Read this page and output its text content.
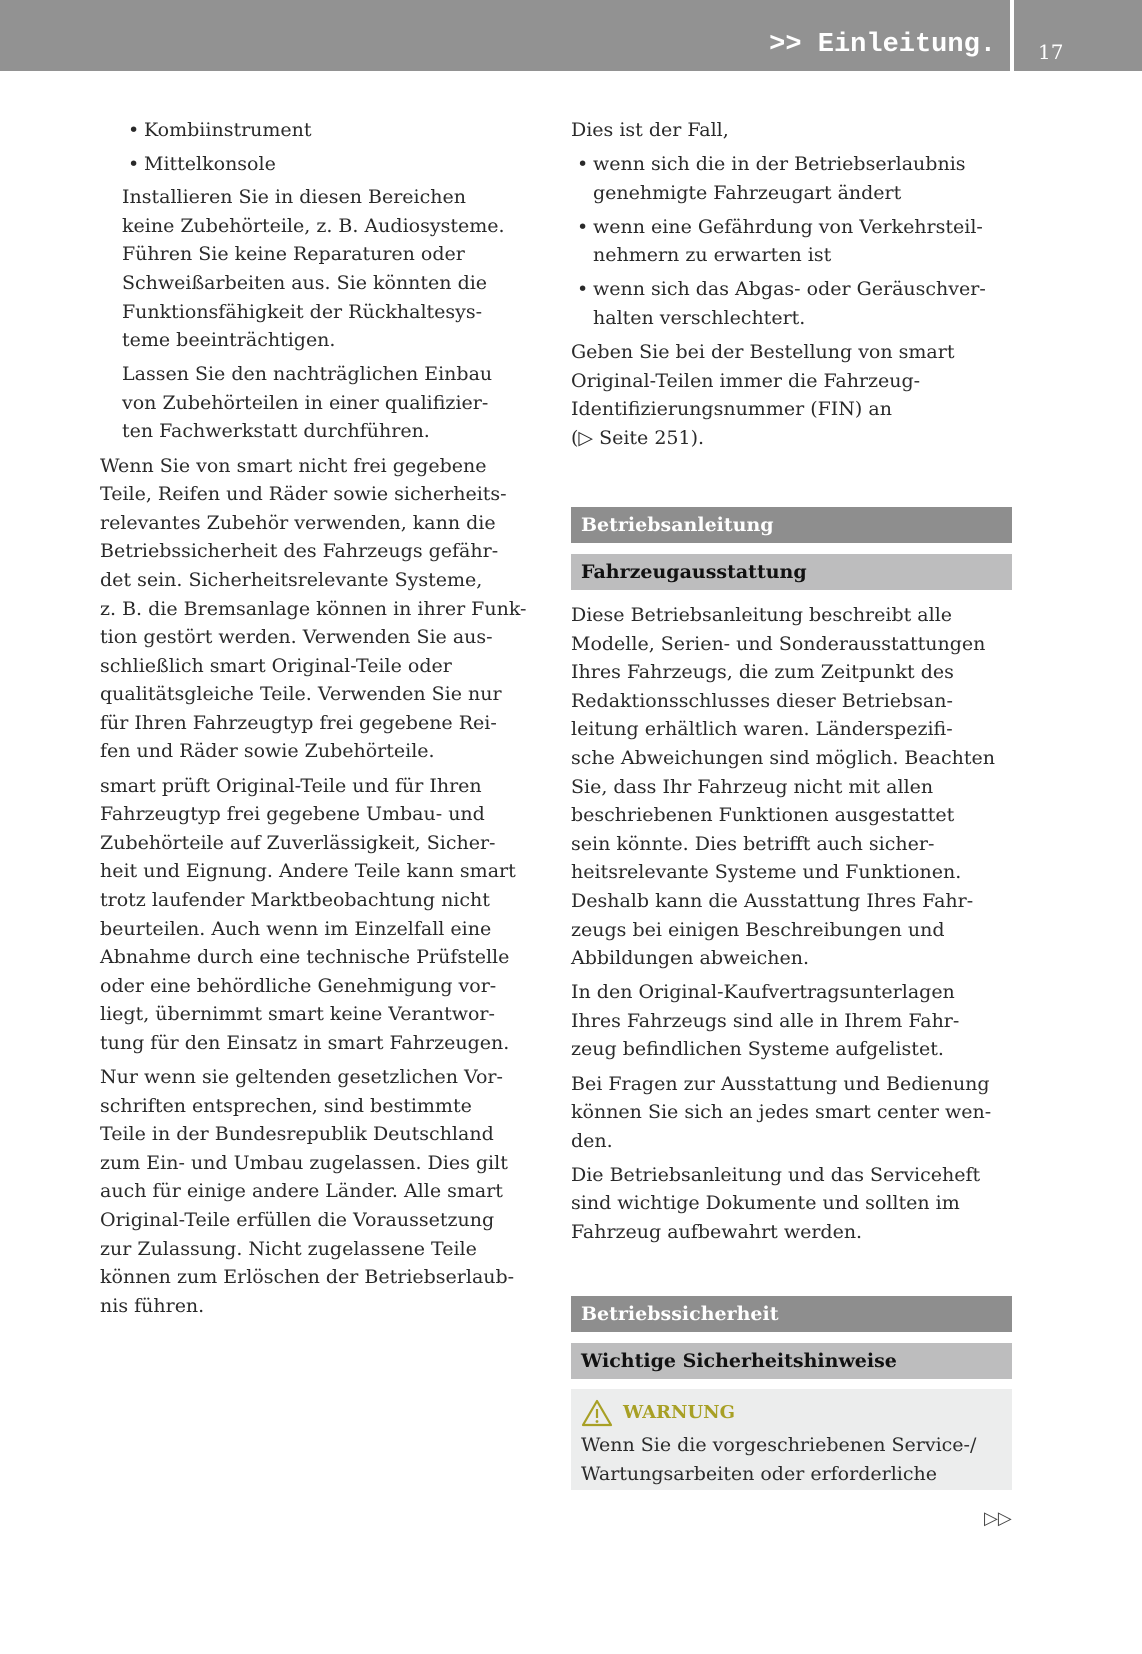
>> Einleitung. 17
• Kombiinstrument
• Mittelkonsole
Installieren Sie in diesen Bereichen
keine Zubehörteile, z. B. Audiosysteme.
Führen Sie keine Reparaturen oder
Schweißarbeiten aus. Sie könnten die
Funktionsfähigkeit der Rückhaltesys-
teme beeinträchtigen.
Lassen Sie den nachträglichen Einbau
von Zubehörteilen in einer qualifizier-
ten Fachwerkstatt durchführen.
Wenn Sie von smart nicht frei gegebene
Teile, Reifen und Räder sowie sicherheits-
relevantes Zubehör verwenden, kann die
Betriebssicherheit des Fahrzeugs gefähr-
det sein. Sicherheitsrelevante Systeme,
z. B. die Bremsanlage können in ihrer Funk-
tion gestört werden. Verwenden Sie aus-
schließlich smart Original-Teile oder
qualitätsgleiche Teile. Verwenden Sie nur
für Ihren Fahrzeugtyp frei gegebene Rei-
fen und Räder sowie Zubehörteile.
smart prüft Original-Teile und für Ihren
Fahrzeugtyp frei gegebene Umbau- und
Zubehörteile auf Zuverlässigkeit, Sicher-
heit und Eignung. Andere Teile kann smart
trotz laufender Marktbeobachtung nicht
beurteilen. Auch wenn im Einzelfall eine
Abnahme durch eine technische Prüfstelle
oder eine behördliche Genehmigung vor-
liegt, übernimmt smart keine Verantwor-
tung für den Einsatz in smart Fahrzeugen.
Nur wenn sie geltenden gesetzlichen Vor-
schriften entsprechen, sind bestimmte
Teile in der Bundesrepublik Deutschland
zum Ein- und Umbau zugelassen. Dies gilt
auch für einige andere Länder. Alle smart
Original-Teile erfüllen die Voraussetzung
zur Zulassung. Nicht zugelassene Teile
können zum Erlöschen der Betriebserlaub-
nis führen.
Dies ist der Fall,
• wenn sich die in der Betriebserlaubnis
genehmigte Fahrzeugart ändert
• wenn eine Gefährdung von Verkehrsteil-
nehmern zu erwarten ist
• wenn sich das Abgas- oder Geräuschver-
halten verschlechtert.
Geben Sie bei der Bestellung von smart
Original-Teilen immer die Fahrzeug-
Identifizierungsnummer (FIN) an
(▷ Seite 251).
Betriebsanleitung
Fahrzeugausstattung
Diese Betriebsanleitung beschreibt alle
Modelle, Serien- und Sonderausstattungen
Ihres Fahrzeugs, die zum Zeitpunkt des
Redaktionsschlusses dieser Betriebsan-
leitung erhältlich waren. Länderspezifi-
sche Abweichungen sind möglich. Beachten
Sie, dass Ihr Fahrzeug nicht mit allen
beschriebenen Funktionen ausgestattet
sein könnte. Dies betrifft auch sicher-
heitsrelevante Systeme und Funktionen.
Deshalb kann die Ausstattung Ihres Fahr-
zeugs bei einigen Beschreibungen und
Abbildungen abweichen.
In den Original-Kaufvertragsunterlagen
Ihres Fahrzeugs sind alle in Ihrem Fahr-
zeug befindlichen Systeme aufgelistet.
Bei Fragen zur Ausstattung und Bedienung
können Sie sich an jedes smart center wen-
den.
Die Betriebsanleitung und das Serviceheft
sind wichtige Dokumente und sollten im
Fahrzeug aufbewahrt werden.
Betriebssicherheit
Wichtige Sicherheitshinweise
WARNUNG
Wenn Sie die vorgeschriebenen Service-/
Wartungsarbeiten oder erforderliche
▷▷
